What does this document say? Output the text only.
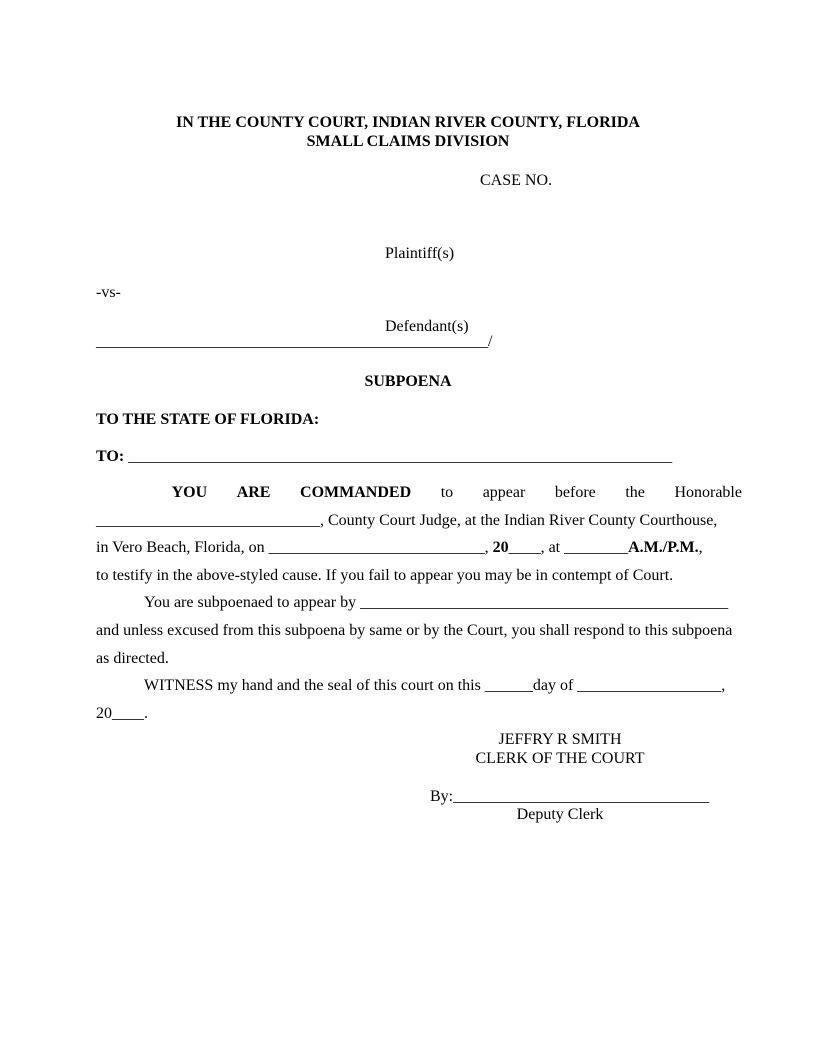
IN THE COUNTY COURT, INDIAN RIVER COUNTY, FLORIDA
SMALL CLAIMS DIVISION
CASE NO.
Plaintiff(s)
-vs-
Defendant(s)
_________________________________________________/
SUBPOENA
TO THE STATE OF FLORIDA:
TO: ____________________________________________________________________
YOU ARE COMMANDED to appear before the Honorable
____________________________, County Court Judge, at the Indian River County Courthouse,
in Vero Beach, Florida, on ___________________________, 20____, at ________A.M./P.M.,
to testify in the above-styled cause. If you fail to appear you may be in contempt of Court.
You are subpoenaed to appear by ______________________________________________
and unless excused from this subpoena by same or by the Court, you shall respond to this subpoena
as directed.
WITNESS my hand and the seal of this court on this ______day of __________________,
20____.
JEFFRY R SMITH
CLERK OF THE COURT
By:________________________________
Deputy Clerk
